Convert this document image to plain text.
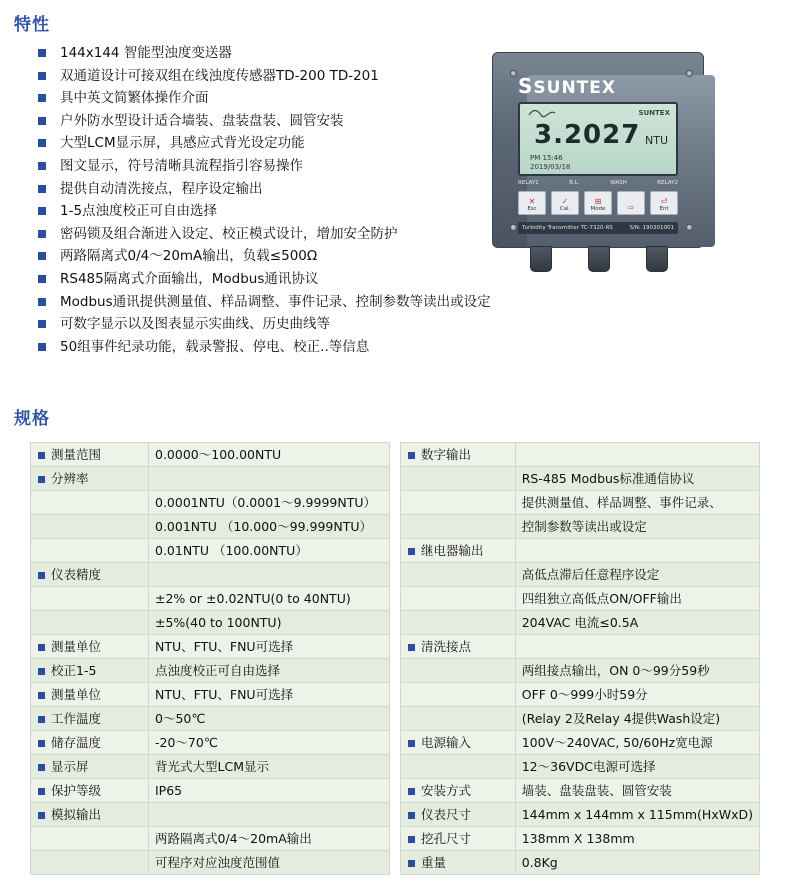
特性
144x144 智能型浊度变送器
双通道设计可接双组在线浊度传感器TD-200 TD-201
具中英文简繁体操作介面
户外防水型设计适合墙装、盘装盘装、圆管安装
大型LCM显示屏，具感应式背光设定功能
图文显示，符号清晰具流程指引容易操作
提供自动清洗接点，程序设定输出
1-5点浊度校正可自由选择
密码锁及组合渐进入设定、校正模式设计，增加安全防护
两路隔离式0/4～20mA输出，负载≤500Ω
RS485隔离式介面输出，Modbus通讯协议
Modbus通讯提供测量值、样品调整、事件记录、控制参数等读出或设定
可数字显示以及图表显示实曲线、历史曲线等
50组事件纪录功能，载录警报、停电、校正..等信息
SSUNTEX
SUNTEX
3.2027 NTU
PM 15:46
2019/03/18
RELAY1	B.L.	WASH	RELAY2
✕
Esc
✓
Cal.
⊞
Mode	⇨
⏎
Ent
Turbidity Transmitter TC-7320-RS	S/N: 190301001
规格
测量范围	0.0000～100.00NTU
分辨率	
	0.0001NTU（0.0001～9.9999NTU）
	0.001NTU （10.000～99.999NTU）
	0.01NTU （100.00NTU）
仪表精度	
	±2% or ±0.02NTU(0 to 40NTU)
	±5%(40 to 100NTU)
测量单位	NTU、FTU、FNU可选择
校正1-5	点浊度校正可自由选择
测量单位	NTU、FTU、FNU可选择
工作温度	0～50℃
储存温度	-20～70℃
显示屏	背光式大型LCM显示
保护等级	IP65
模拟输出	
	两路隔离式0/4～20mA输出
	可程序对应浊度范围值
数字输出	
	RS-485 Modbus标准通信协议
	提供测量值、样品调整、事件记录、
	控制参数等读出或设定
继电器输出	
	高低点滞后任意程序设定
	四组独立高低点ON/OFF输出
	204VAC 电流≤0.5A
清洗接点	
	两组接点输出，ON 0～99分59秒
	OFF 0～999小时59分
	(Relay 2及Relay 4提供Wash设定)
电源输入	100V～240VAC, 50/60Hz宽电源
	12～36VDC电源可选择
安装方式	墙装、盘装盘装、圆管安装
仪表尺寸	144mm x 144mm x 115mm(HxWxD)
挖孔尺寸	138mm X 138mm
重量	0.8Kg
